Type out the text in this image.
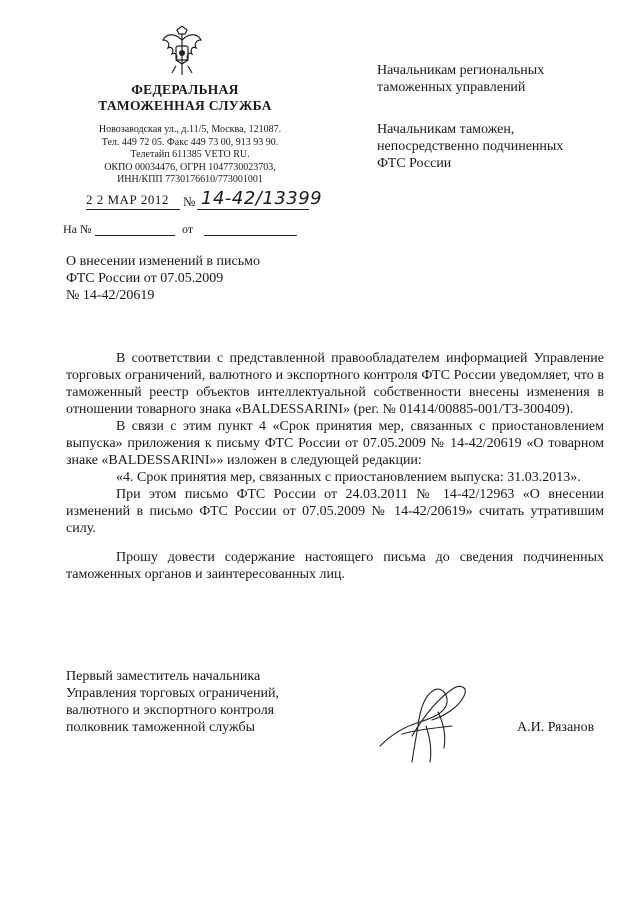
ФЕДЕРАЛЬНАЯ
ТАМОЖЕННАЯ СЛУЖБА
Новозаводская ул., д.11/5, Москва, 121087.
Тел. 449 72 05. Факс 449 73 00, 913 93 90.
Телетайп 611385 VETO RU.
ОКПО 00034476, ОГРН 1047730023703,
ИНН/КПП 7730176610/773001001
2 2 МАР 2012 № 14-42/13399
На №	от
Начальникам региональных
таможенных управлений
Начальникам таможен,
непосредственно подчиненных
ФТС России
О внесении изменений в письмо
ФТС России от 07.05.2009
№ 14-42/20619

В соответствии с представленной правообладателем информацией Управление торговых ограничений, валютного и экспортного контроля ФТС России уведомляет, что в таможенный реестр объектов интеллектуальной собственности внесены изменения в отношении товарного знака «BALDESSARINI» (рег. № 01414/00885-001/ТЗ-300409).

В связи с этим пункт 4 «Срок принятия мер, связанных с приостановлением выпуска» приложения к письму ФТС России от 07.05.2009 № 14-42/20619 «О товарном знаке «BALDESSARINI»» изложен в следующей редакции:

«4. Срок принятия мер, связанных с приостановлением выпуска: 31.03.2013».

При этом письмо ФТС России от 24.03.2011 № 14-42/12963 «О внесении изменений в письмо ФТС России от 07.05.2009 № 14-42/20619» считать утратившим силу.

Прошу довести содержание настоящего письма до сведения подчиненных таможенных органов и заинтересованных лиц.

Первый заместитель начальника
Управления торговых ограничений,
валютного и экспортного контроля
полковник таможенной службы	А.И. Рязанов
